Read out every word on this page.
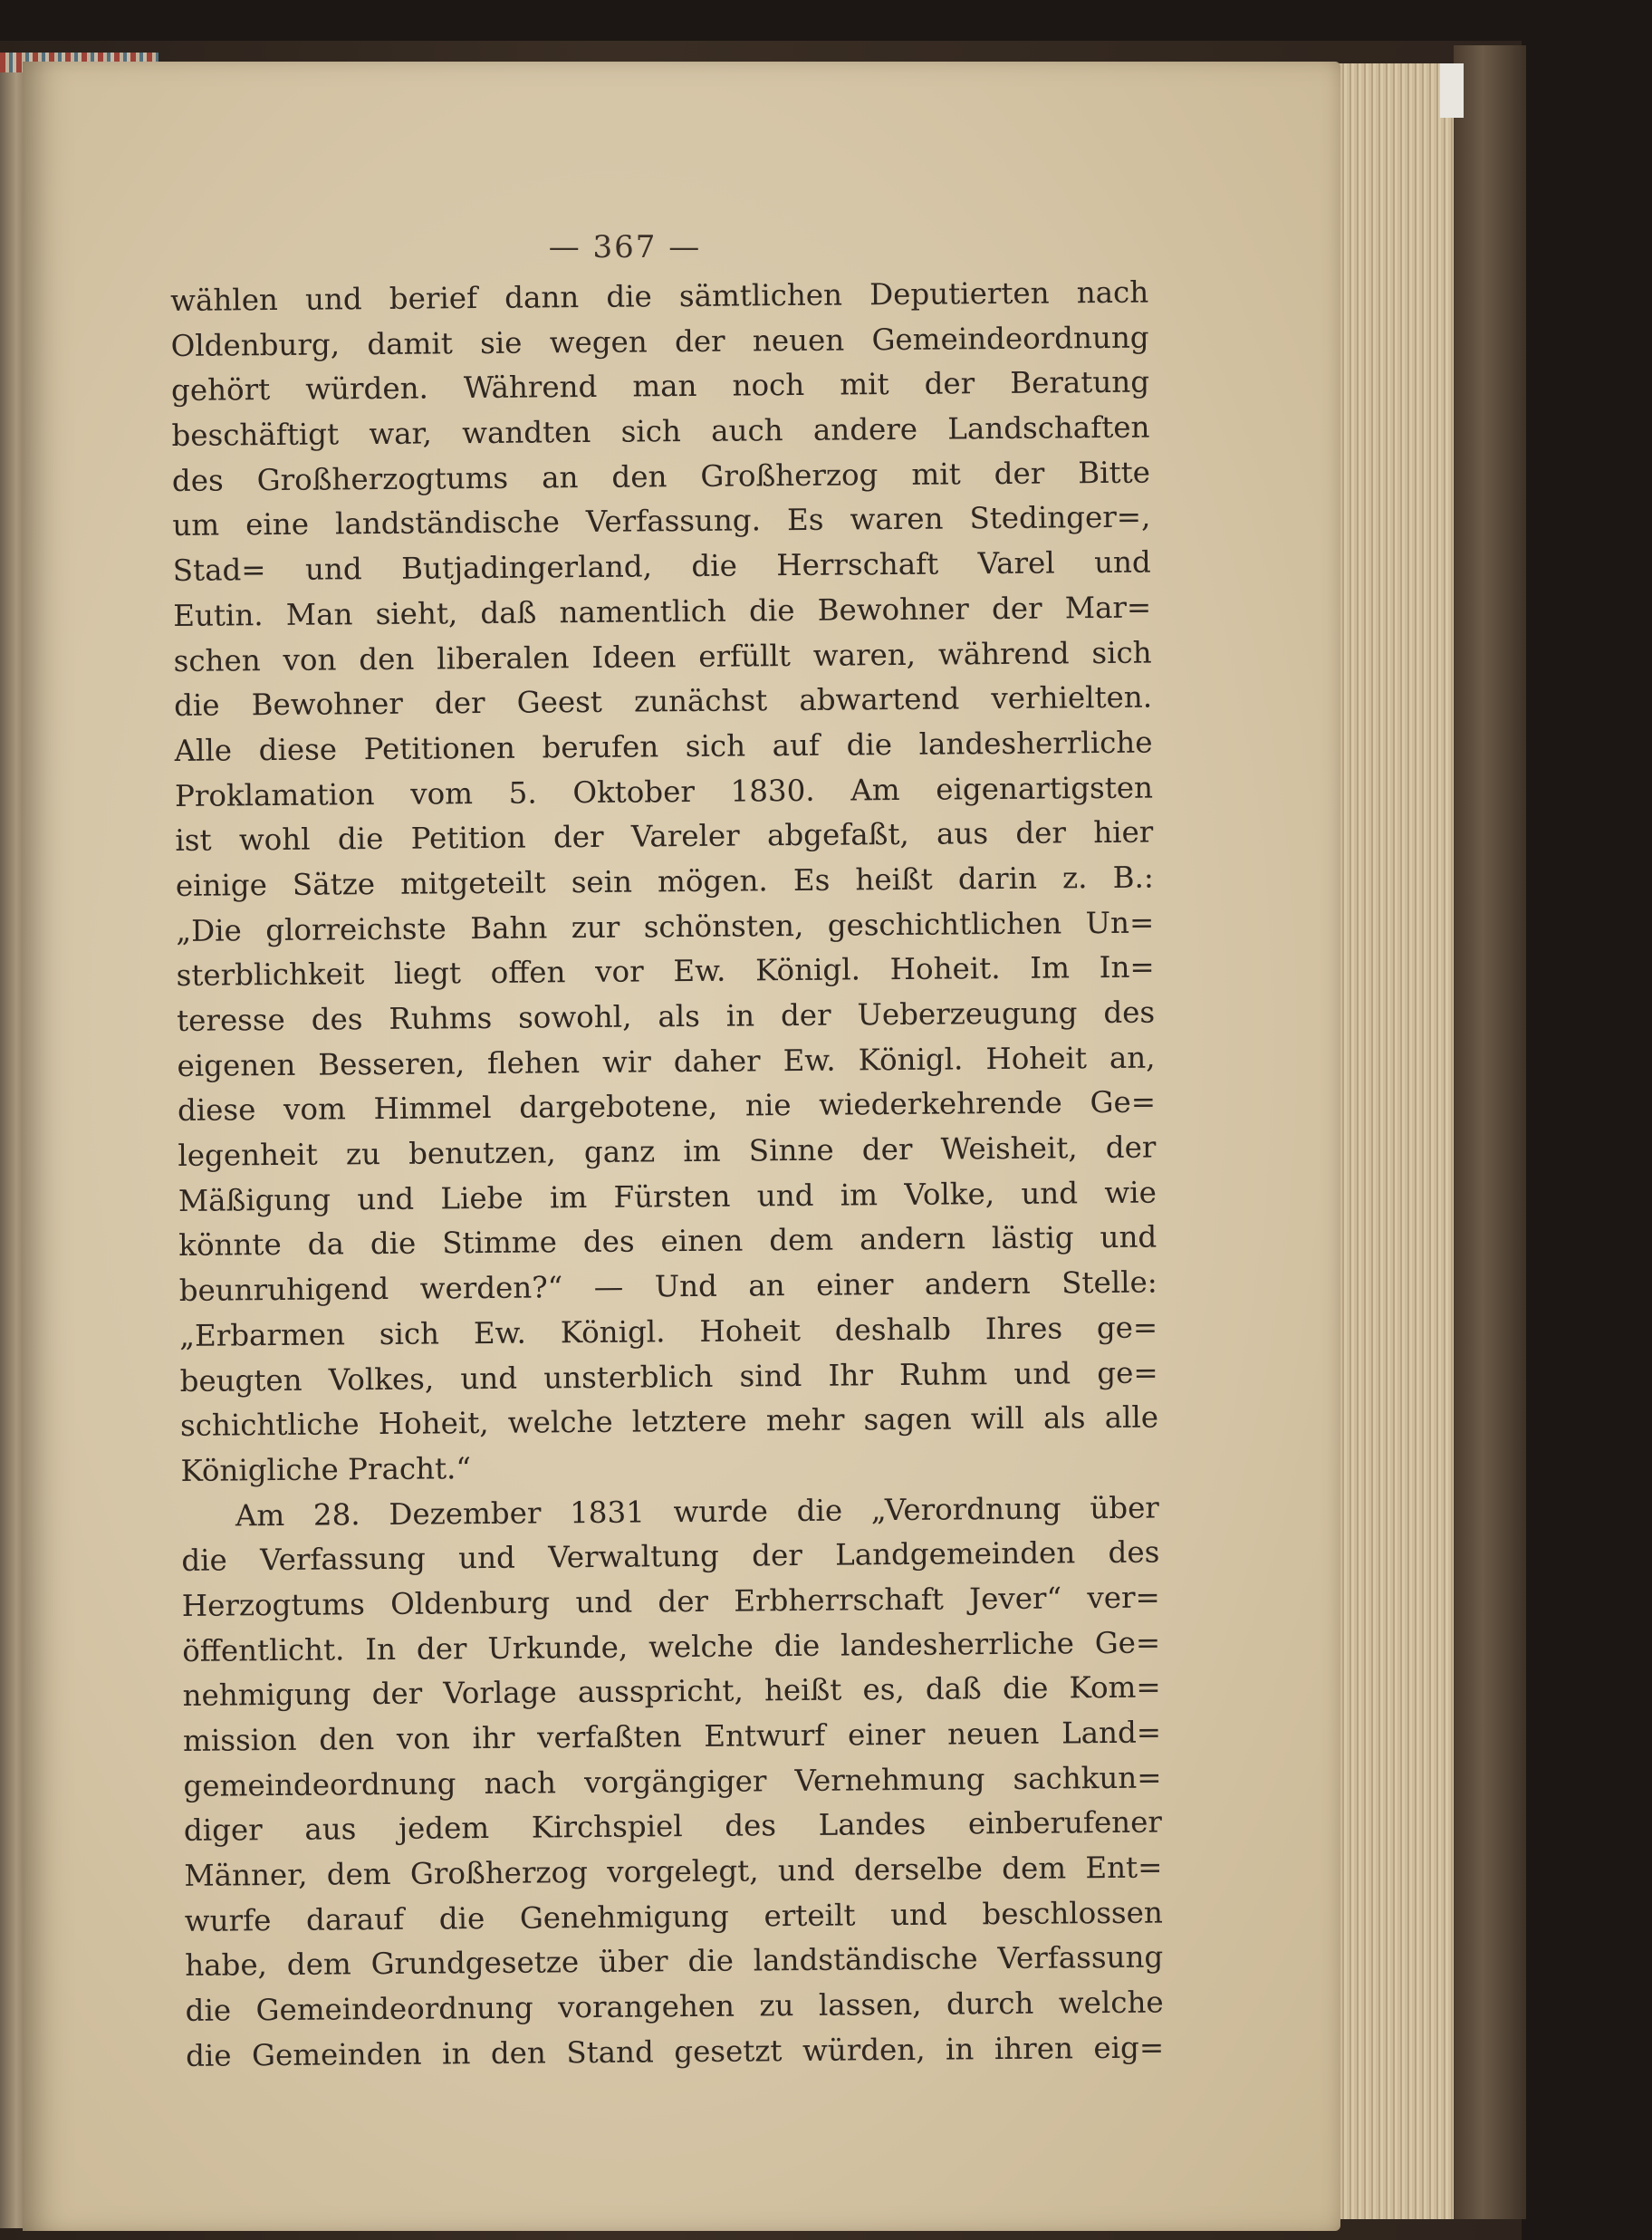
— 367 —
wählen und berief dann die sämtlichen Deputierten nach
Oldenburg, damit sie wegen der neuen Gemeindeordnung
gehört würden. Während man noch mit der Beratung
beschäftigt war, wandten sich auch andere Landschaften
des Großherzogtums an den Großherzog mit der Bitte
um eine landständische Verfassung. Es waren Stedinger=,
Stad= und Butjadingerland, die Herrschaft Varel und
Eutin. Man sieht, daß namentlich die Bewohner der Mar=
schen von den liberalen Ideen erfüllt waren, während sich
die Bewohner der Geest zunächst abwartend verhielten.
Alle diese Petitionen berufen sich auf die landesherrliche
Proklamation vom 5. Oktober 1830. Am eigenartigsten
ist wohl die Petition der Vareler abgefaßt, aus der hier
einige Sätze mitgeteilt sein mögen. Es heißt darin z. B.:
„Die glorreichste Bahn zur schönsten, geschichtlichen Un=
sterblichkeit liegt offen vor Ew. Königl. Hoheit. Im In=
teresse des Ruhms sowohl, als in der Ueberzeugung des
eigenen Besseren, flehen wir daher Ew. Königl. Hoheit an,
diese vom Himmel dargebotene, nie wiederkehrende Ge=
legenheit zu benutzen, ganz im Sinne der Weisheit, der
Mäßigung und Liebe im Fürsten und im Volke, und wie
könnte da die Stimme des einen dem andern lästig und
beunruhigend werden?“ — Und an einer andern Stelle:
„Erbarmen sich Ew. Königl. Hoheit deshalb Ihres ge=
beugten Volkes, und unsterblich sind Ihr Ruhm und ge=
schichtliche Hoheit, welche letztere mehr sagen will als alle
Königliche Pracht.“
Am 28. Dezember 1831 wurde die „Verordnung über
die Verfassung und Verwaltung der Landgemeinden des
Herzogtums Oldenburg und der Erbherrschaft Jever“ ver=
öffentlicht. In der Urkunde, welche die landesherrliche Ge=
nehmigung der Vorlage ausspricht, heißt es, daß die Kom=
mission den von ihr verfaßten Entwurf einer neuen Land=
gemeindeordnung nach vorgängiger Vernehmung sachkun=
diger aus jedem Kirchspiel des Landes einberufener
Männer, dem Großherzog vorgelegt, und derselbe dem Ent=
wurfe darauf die Genehmigung erteilt und beschlossen
habe, dem Grundgesetze über die landständische Verfassung
die Gemeindeordnung vorangehen zu lassen, durch welche
die Gemeinden in den Stand gesetzt würden, in ihren eig=
